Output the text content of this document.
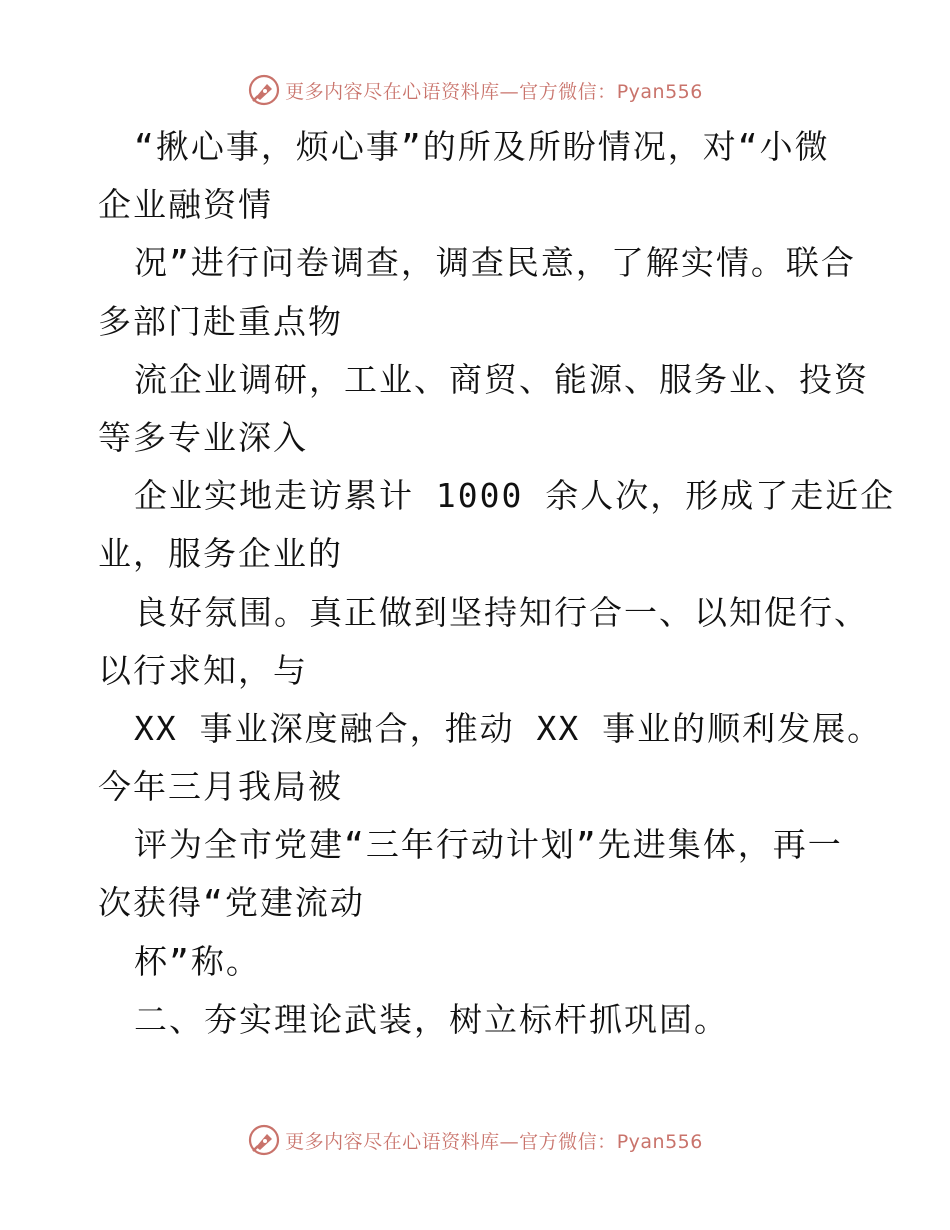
更多内容尽在心语资料库—官方微信：Pyan556
“揪心事，烦心事”的所及所盼情况，对“小微
企业融资情
况”进行问卷调查，调查民意，了解实情。联合
多部门赴重点物
流企业调研，工业、商贸、能源、服务业、投资
等多专业深入
企业实地走访累计 1000 余人次，形成了走近企
业，服务企业的
良好氛围。真正做到坚持知行合一、以知促行、
以行求知，与
XX 事业深度融合，推动 XX 事业的顺利发展。
今年三月我局被
评为全市党建“三年行动计划”先进集体，再一
次获得“党建流动
杯”称。
二、夯实理论武装，树立标杆抓巩固。
更多内容尽在心语资料库—官方微信：Pyan556
